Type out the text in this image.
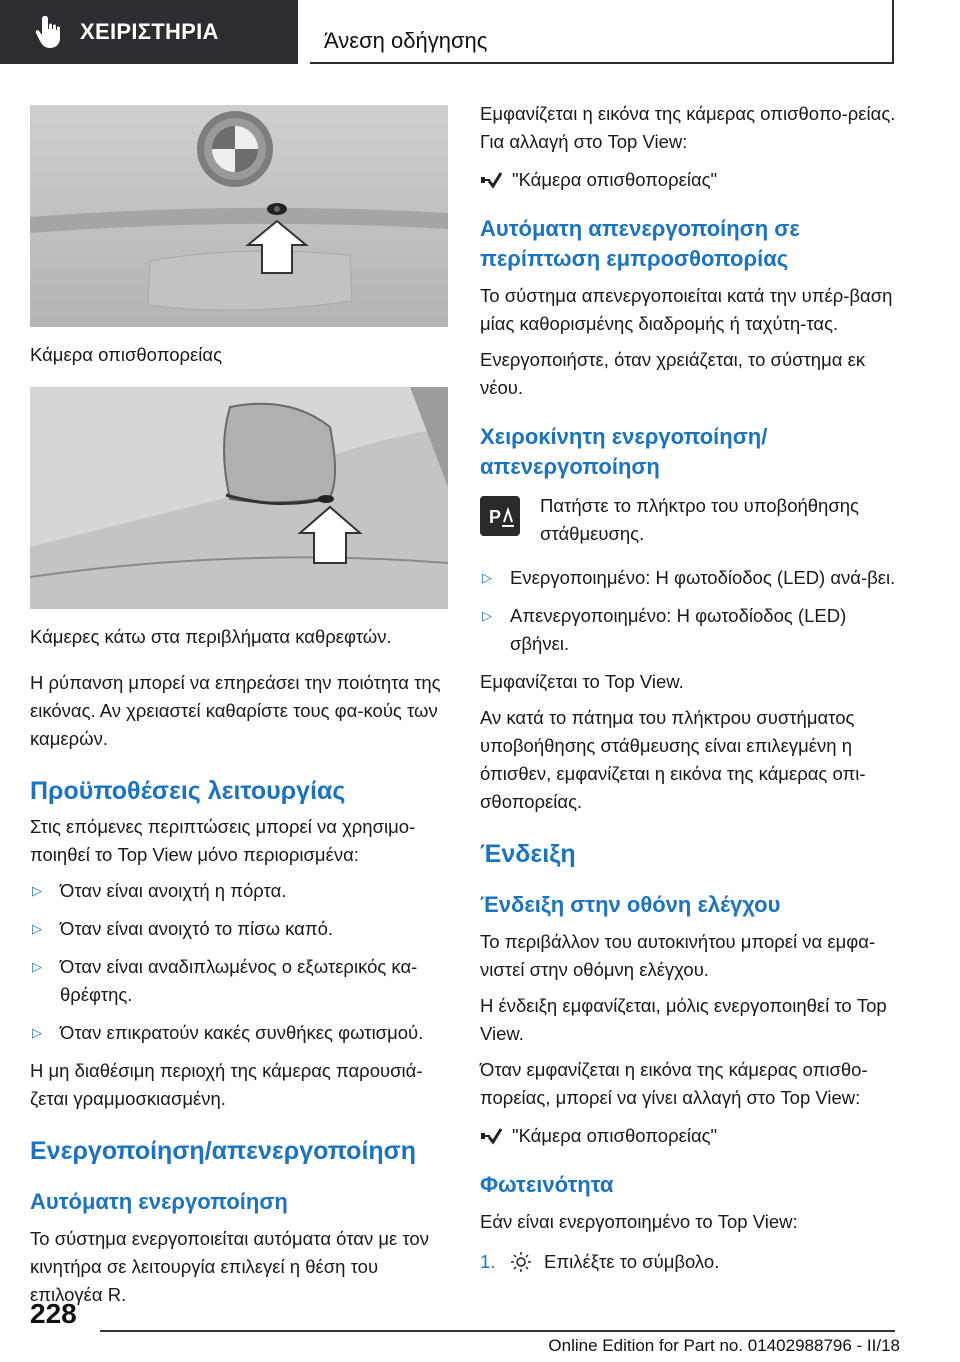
ΧΕΙΡΙΣΤΗΡΙΑ	Άνεση οδήγησης
Κάμερα οπισθοπορείας
Κάμερες κάτω στα περιβλήματα καθρεφτών.

Η ρύπανση μπορεί να επηρεάσει την ποιότητα της εικόνας. Αν χρειαστεί καθαρίστε τους φα-κούς των καμερών.

Προϋποθέσεις λειτουργίας

Στις επόμενες περιπτώσεις μπορεί να χρησιμο-ποιηθεί το Top View μόνο περιορισμένα:

▷ Όταν είναι ανοιχτή η πόρτα.
▷ Όταν είναι ανοιχτό το πίσω καπό.
▷ Όταν είναι αναδιπλωμένος ο εξωτερικός κα-θρέφτης.
▷ Όταν επικρατούν κακές συνθήκες φωτισμού.

Η μη διαθέσιμη περιοχή της κάμερας παρουσιά-ζεται γραμμοσκιασμένη.

Ενεργοποίηση/απενεργοποίηση
Αυτόματη ενεργοποίηση

Το σύστημα ενεργοποιείται αυτόματα όταν με τον κινητήρα σε λειτουργία επιλεγεί η θέση του επιλογέα R.

Εμφανίζεται η εικόνα της κάμερας οπισθοπο-ρείας. Για αλλαγή στο Top View:

"Κάμερα οπισθοπορείας"
Αυτόματη απενεργοποίηση σε περίπτωση εμπροσθοπορίας

Το σύστημα απενεργοποιείται κατά την υπέρ-βαση μίας καθορισμένης διαδρομής ή ταχύτη-τας.

Ενεργοποιήστε, όταν χρειάζεται, το σύστημα εκ νέου.

Χειροκίνητη ενεργοποίηση/ απενεργοποίηση
P
Πατήστε το πλήκτρο του υποβοήθησης στάθμευσης.
▷ Ενεργοποιημένο: Η φωτοδίοδος (LED) ανά-βει.
▷ Απενεργοποιημένο: Η φωτοδίοδος (LED) σβήνει.

Εμφανίζεται το Top View.

Αν κατά το πάτημα του πλήκτρου συστήματος υποβοήθησης στάθμευσης είναι επιλεγμένη η όπισθεν, εμφανίζεται η εικόνα της κάμερας οπι-σθοπορείας.

Ένδειξη
Ένδειξη στην οθόνη ελέγχου

Το περιβάλλον του αυτοκινήτου μπορεί να εμφα-νιστεί στην οθόμνη ελέγχου.

Η ένδειξη εμφανίζεται, μόλις ενεργοποιηθεί το Top View.

Όταν εμφανίζεται η εικόνα της κάμερας οπισθο-πορείας, μπορεί να γίνει αλλαγή στο Top View:

"Κάμερα οπισθοπορείας"
Φωτεινότητα

Εάν είναι ενεργοποιημένο το Top View:

1.	Επιλέξτε το σύμβολο.
228
Online Edition for Part no. 01402988796 - II/18
